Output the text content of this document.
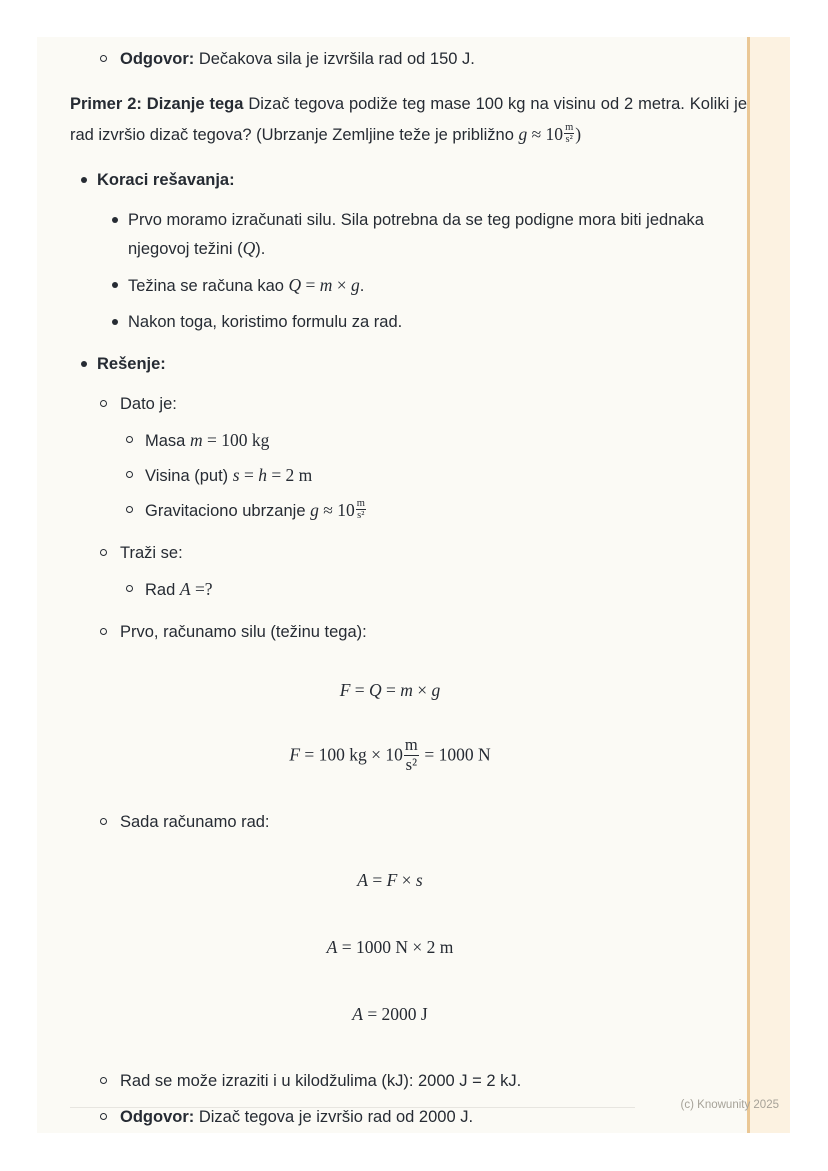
Odgovor: Dečakova sila je izvršila rad od 150 J.

Primer 2: Dizanje tega Dizač tegova podiže teg mase 100 kg na visinu od 2 metra. Koliki je rad izvršio dizač tegova? (Ubrzanje Zemljine teže je približno $g \approx 10 \frac{m}{\text{s²}}$ )

Koraci rešavanja:
Prvo moramo izračunati silu. Sila potrebna da se teg podigne mora biti jednaka njegovoj težini (Q).
Težina se računa kao Q = m × g.
Nakon toga, koristimo formulu za rad.
Rešenje:
Dato je:
Masa m = 100 kg
Visina (put) s = h = 2 m
Gravitaciono ubrzanje $g \approx 10 \frac{m}{\text{s²}}$
Traži se:
Rad A =?
Prvo, računamo silu (težinu tega):
F = Q = m × g
F = 100 kg × $10 \frac{m}{\text{s²}} = 1000$ N
Sada računamo rad:
A = F × s
A = 1000 N × 2 m
A = 2000 J
Rad se može izraziti i u kilodžulima (kJ): 2000 J = 2 kJ.
Odgovor: Dizač tegova je izvršio rad od 2000 J.
(c) Knowunity 2025
